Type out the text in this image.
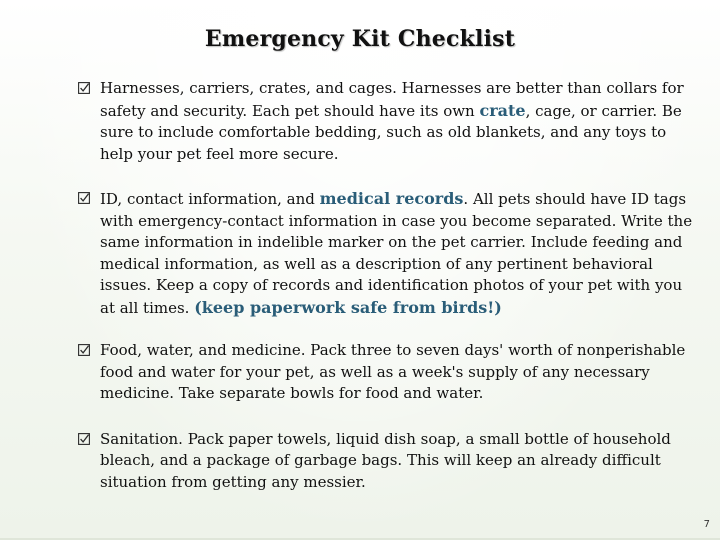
Emergency Kit Checklist
Harnesses, carriers, crates, and cages. Harnesses are better than collars for safety and security. Each pet should have its own crate, cage, or carrier. Be sure to include comfortable bedding, such as old blankets, and any toys to help your pet feel more secure.
ID, contact information, and medical records. All pets should have ID tags with emergency-contact information in case you become separated. Write the same information in indelible marker on the pet carrier. Include feeding and medical information, as well as a description of any pertinent behavioral issues. Keep a copy of records and identification photos of your pet with you at all times. (keep paperwork safe from birds!)
Food, water, and medicine. Pack three to seven days' worth of nonperishable food and water for your pet, as well as a week's supply of any necessary medicine. Take separate bowls for food and water.
Sanitation. Pack paper towels, liquid dish soap, a small bottle of household bleach, and a package of garbage bags. This will keep an already difficult situation from getting any messier.
7
